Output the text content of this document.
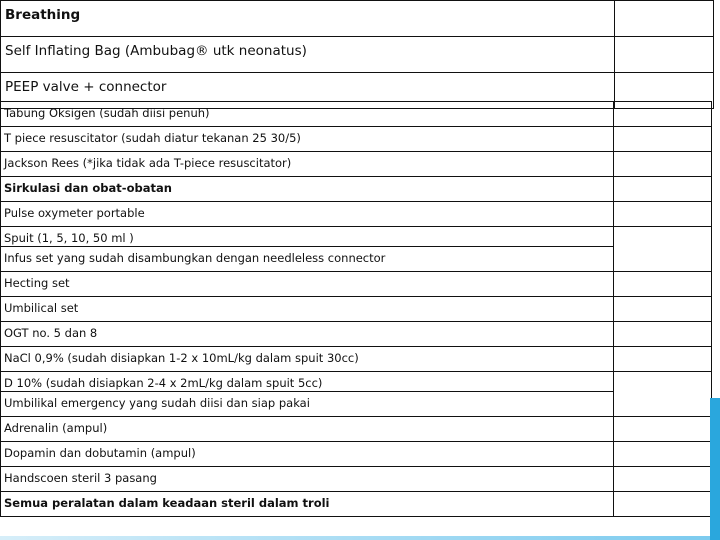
Breathing	
Self Inflating Bag (Ambubag® utk neonatus)	
PEEP valve + connector	
Tabung Oksigen (sudah diisi penuh)	
T piece resuscitator (sudah diatur tekanan 25 30/5)	
Jackson Rees (*jika tidak ada T-piece resuscitator)	
Sirkulasi dan obat-obatan	
Pulse oxymeter portable	
Spuit (1, 5, 10, 50 ml )	
Infus set yang sudah disambungkan dengan needleless connector	
Hecting set	
Umbilical set	
OGT no. 5 dan 8	
NaCl 0,9% (sudah disiapkan 1-2 x 10mL/kg dalam spuit 30cc)	
D 10% (sudah disiapkan 2-4 x 2mL/kg dalam spuit 5cc)	
Umbilikal emergency yang sudah diisi dan siap pakai	
Adrenalin (ampul)	
Dopamin dan dobutamin (ampul)	
Handscoen steril 3 pasang	
Semua peralatan dalam keadaan steril dalam troli	
